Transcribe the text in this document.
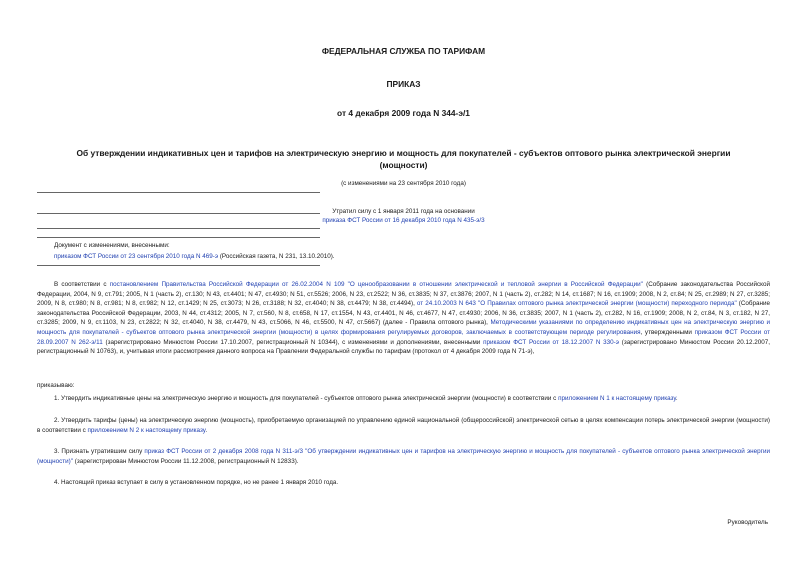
ФЕДЕРАЛЬНАЯ СЛУЖБА ПО ТАРИФАМ
ПРИКАЗ
от 4 декабря 2009 года N 344-э/1
Об утверждении индикативных цен и тарифов на электрическую энергию и мощность для покупателей - субъектов оптового рынка электрической энергии
(мощности)
(с изменениями на 23 сентября 2010 года)
Утратил силу с 1 января 2011 года на основании
приказа ФСТ России от 16 декабря 2010 года N 435-э/3
Документ с изменениями, внесенными:
приказом ФСТ России от 23 сентября 2010 года N 469-э (Российская газета, N 231, 13.10.2010).
В соответствии с постановлением Правительства Российской Федерации от 26.02.2004 N 109 "О ценообразовании в отношении электрической и тепловой энергии в Российской Федерации" (Собрание законодательства Российской Федерации, 2004, N 9, ст.791; 2005, N 1 (часть 2), ст.130; N 43, ст.4401; N 47, ст.4930; N 51, ст.5526; 2006, N 23, ст.2522; N 36, ст.3835; N 37, ст.3876; 2007, N 1 (часть 2), ст.282; N 14, ст.1687; N 16, ст.1909; 2008, N 2, ст.84; N 25, ст.2989; N 27, ст.3285; 2009, N 8, ст.980; N 8, ст.981; N 8, ст.982; N 12, ст.1429; N 25, ст.3073; N 26, ст.3188; N 32, ст.4040; N 38, ст.4479; N 38, ст.4494), от 24.10.2003 N 643 "О Правилах оптового рынка электрической энергии (мощности) переходного периода" (Собрание законодательства Российской Федерации, 2003, N 44, ст.4312; 2005, N 7, ст.560, N 8, ст.658, N 17, ст.1554, N 43, ст.4401, N 46, ст.4677, N 47, ст.4930; 2006, N 36, ст.3835; 2007, N 1 (часть 2), ст.282, N 16, ст.1909; 2008, N 2, ст.84, N 3, ст.182, N 27, ст.3285; 2009, N 9, ст.1103, N 23, ст.2822; N 32, ст.4040, N 38, ст.4479, N 43, ст.5066, N 46, ст.5500, N 47, ст.5667) (далее - Правила оптового рынка), Методическими указаниями по определению индикативных цен на электрическую энергию и мощность для покупателей - субъектов оптового рынка электрической энергии (мощности) в целях формирования регулируемых договоров, заключаемых в соответствующем периоде регулирования, утвержденными приказом ФСТ России от 28.09.2007 N 262-э/11 (зарегистрировано Минюстом России 17.10.2007, регистрационный N 10344), с изменениями и дополнениями, внесенными приказом ФСТ России от 18.12.2007 N 330-э (зарегистрировано Минюстом России 20.12.2007, регистрационный N 10763), и, учитывая итоги рассмотрения данного вопроса на Правлении Федеральной службы по тарифам (протокол от 4 декабря 2009 года N 71-э),
приказываю:
1. Утвердить индикативные цены на электрическую энергию и мощность для покупателей - субъектов оптового рынка электрической энергии (мощности) в соответствии с приложением N 1 к настоящему приказу.
2. Утвердить тарифы (цены) на электрическую энергию (мощность), приобретаемую организацией по управлению единой национальной (общероссийской) электрической сетью в целях компенсации потерь электрической энергии (мощности) в соответствии с приложением N 2 к настоящему приказу.
3. Признать утратившим силу приказ ФСТ России от 2 декабря 2008 года N 311-э/3 "Об утверждении индикативных цен и тарифов на электрическую энергию и мощность для покупателей - субъектов оптового рынка электрической энергии (мощности)" (зарегистрирован Минюстом России 11.12.2008, регистрационный N 12833).
4. Настоящий приказ вступает в силу в установленном порядке, но не ранее 1 января 2010 года.
Руководитель
